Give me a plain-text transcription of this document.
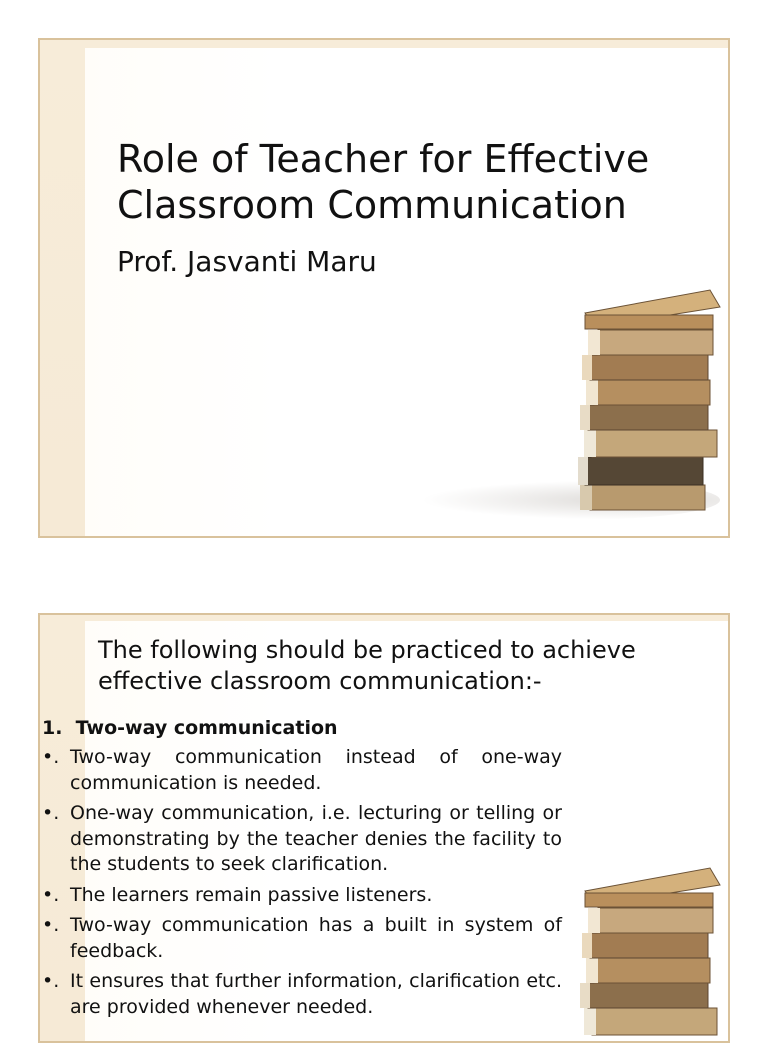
Role of Teacher for Effective Classroom Communication

Prof. Jasvanti Maru

The following should be practiced to achieve effective classroom communication:-

1.  Two-way communication

•. Two-way communication instead of one-way communication is needed.
•. One-way communication, i.e. lecturing or telling or demonstrating by the teacher denies the facility to the students to seek clarification.
•. The learners remain passive listeners.
•. Two-way communication has a built in system of feedback.
•. It ensures that further information, clarification etc. are provided whenever needed.
